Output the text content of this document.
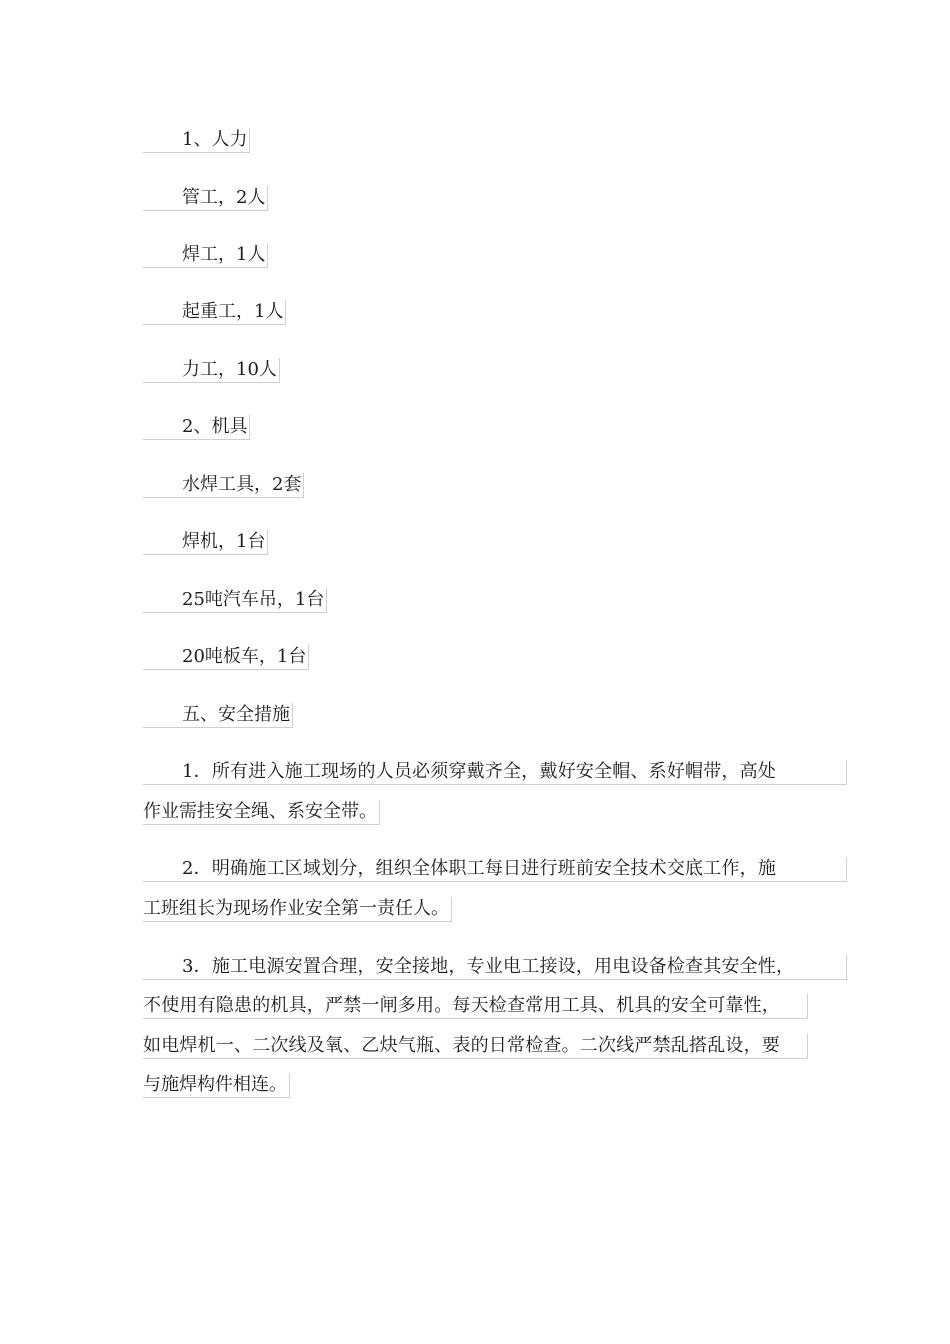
1、人力
管工，2人
焊工，1人
起重工，1人
力工，10人
2、机具
水焊工具，2套
焊机，1台
25吨汽车吊，1台
20吨板车，1台
五、安全措施
1．所有进入施工现场的人员必须穿戴齐全，戴好安全帽、系好帽带，高处
作业需挂安全绳、系安全带。
2．明确施工区域划分，组织全体职工每日进行班前安全技术交底工作，施
工班组长为现场作业安全第一责任人。
3．施工电源安置合理，安全接地，专业电工接设，用电设备检查其安全性，
不使用有隐患的机具，严禁一闸多用。每天检查常用工具、机具的安全可靠性，
如电焊机一、二次线及氧、乙炔气瓶、表的日常检查。二次线严禁乱搭乱设，要
与施焊构件相连。
